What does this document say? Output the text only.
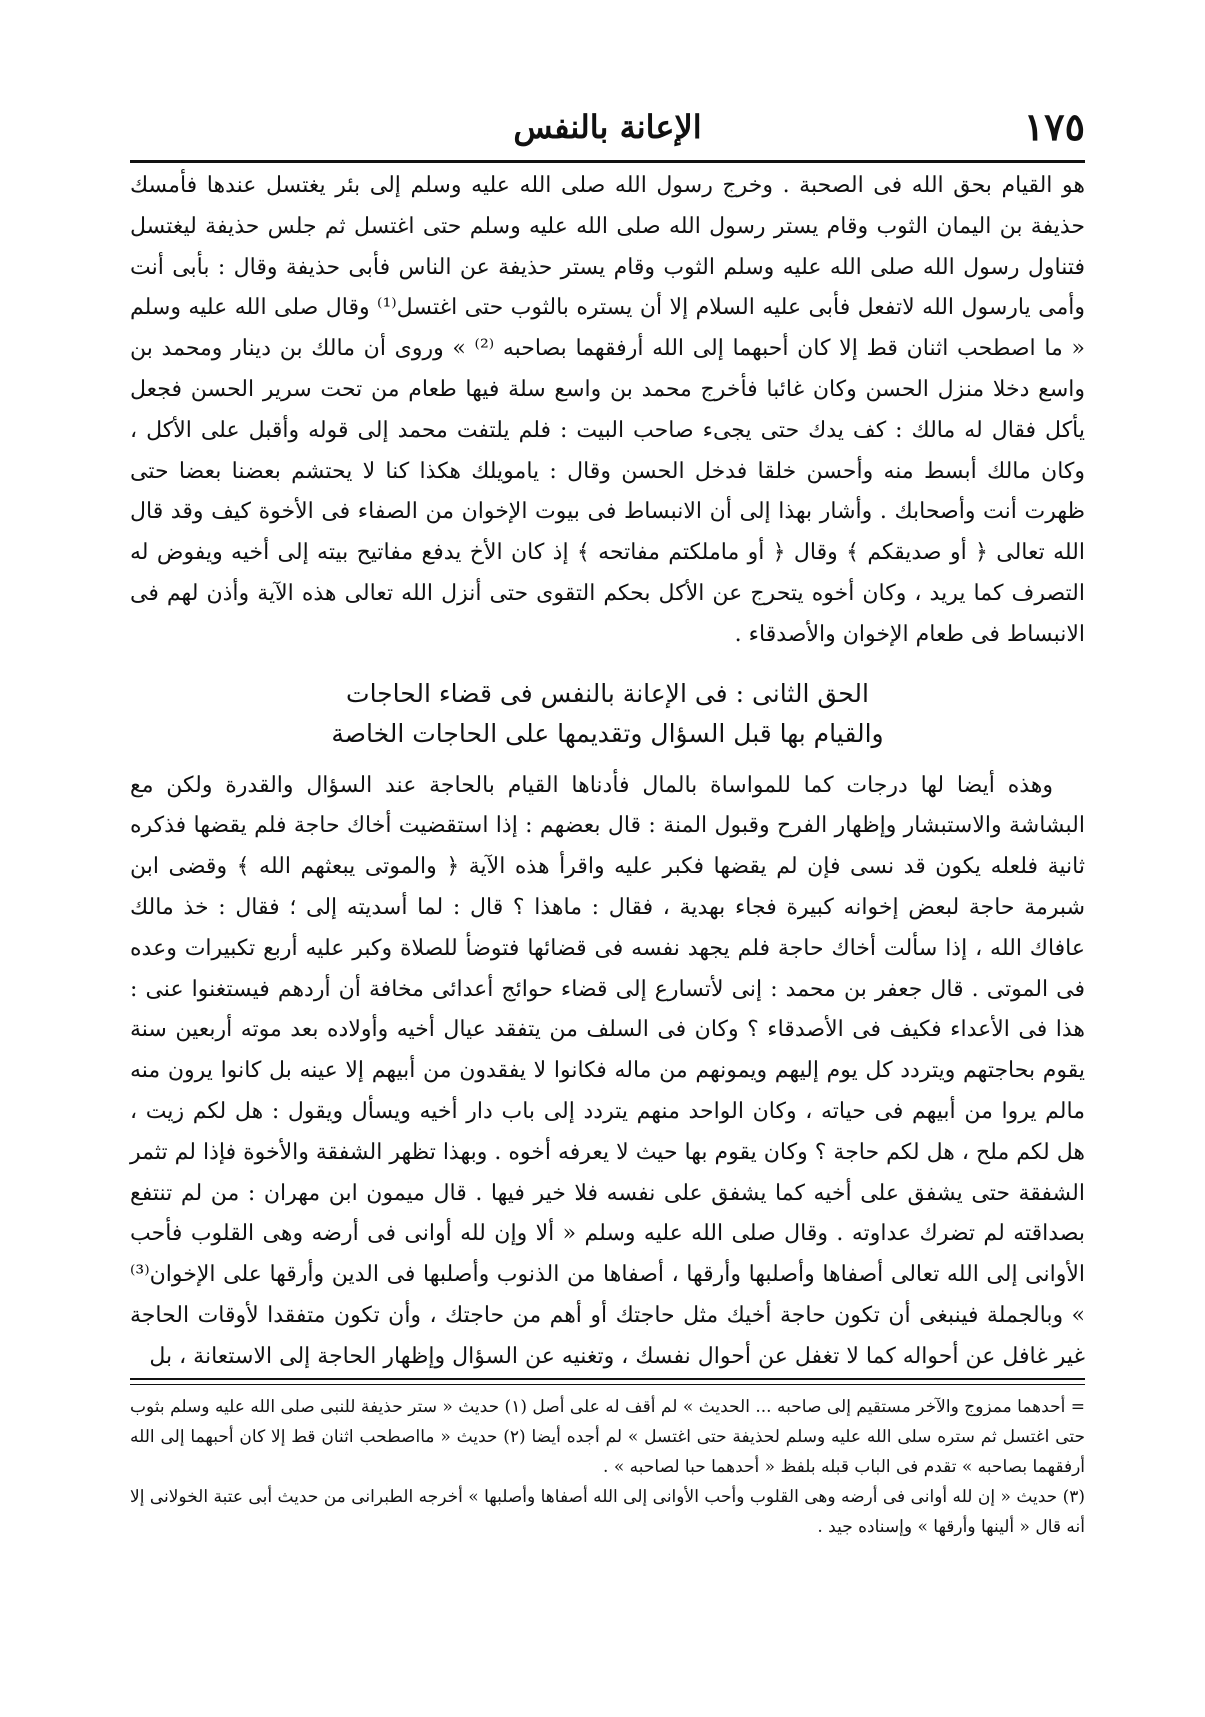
الإعانة بالنفس	١٧٥

هو القيام بحق الله فى الصحبة . وخرج رسول الله صلى الله عليه وسلم إلى بئر يغتسل عندها فأمسك حذيفة بن اليمان الثوب وقام يستر رسول الله صلى الله عليه وسلم حتى اغتسل ثم جلس حذيفة ليغتسل فتناول رسول الله صلى الله عليه وسلم الثوب وقام يستر حذيفة عن الناس فأبى حذيفة وقال : بأبى أنت وأمى يارسول الله لاتفعل فأبى عليه السلام إلا أن يستره بالثوب حتى اغتسل⁽¹⁾ وقال صلى الله عليه وسلم « ما اصطحب اثنان قط إلا كان أحبهما إلى الله أرفقهما بصاحبه ⁽²⁾ » وروى أن مالك بن دينار ومحمد بن واسع دخلا منزل الحسن وكان غائبا فأخرج محمد بن واسع سلة فيها طعام من تحت سرير الحسن فجعل يأكل فقال له مالك : كف يدك حتى يجىء صاحب البيت : فلم يلتفت محمد إلى قوله وأقبل على الأكل ، وكان مالك أبسط منه وأحسن خلقا فدخل الحسن وقال : يامويلك هكذا كنا لا يحتشم بعضنا بعضا حتى ظهرت أنت وأصحابك . وأشار بهذا إلى أن الانبساط فى بيوت الإخوان من الصفاء فى الأخوة كيف وقد قال الله تعالى ﴿ أو صديقكم ﴾ وقال ﴿ أو ماملكتم مفاتحه ﴾ إذ كان الأخ يدفع مفاتيح بيته إلى أخيه ويفوض له التصرف كما يريد ، وكان أخوه يتحرج عن الأكل بحكم التقوى حتى أنزل الله تعالى هذه الآية وأذن لهم فى الانبساط فى طعام الإخوان والأصدقاء .

الحق الثانى : فى الإعانة بالنفس فى قضاء الحاجات
والقيام بها قبل السؤال وتقديمها على الحاجات الخاصة

وهذه أيضا لها درجات كما للمواساة بالمال فأدناها القيام بالحاجة عند السؤال والقدرة ولكن مع البشاشة والاستبشار وإظهار الفرح وقبول المنة : قال بعضهم : إذا استقضيت أخاك حاجة فلم يقضها فذكره ثانية فلعله يكون قد نسى فإن لم يقضها فكبر عليه واقرأ هذه الآية ﴿ والموتى يبعثهم الله ﴾ وقضى ابن شبرمة حاجة لبعض إخوانه كبيرة فجاء بهدية ، فقال : ماهذا ؟ قال : لما أسديته إلى ؛ فقال : خذ مالك عافاك الله ، إذا سألت أخاك حاجة فلم يجهد نفسه فى قضائها فتوضأ للصلاة وكبر عليه أربع تكبيرات وعده فى الموتى . قال جعفر بن محمد : إنى لأتسارع إلى قضاء حوائج أعدائى مخافة أن أردهم فيستغنوا عنى : هذا فى الأعداء فكيف فى الأصدقاء ؟ وكان فى السلف من يتفقد عيال أخيه وأولاده بعد موته أربعين سنة يقوم بحاجتهم ويتردد كل يوم إليهم ويمونهم من ماله فكانوا لا يفقدون من أبيهم إلا عينه بل كانوا يرون منه مالم يروا من أبيهم فى حياته ، وكان الواحد منهم يتردد إلى باب دار أخيه ويسأل ويقول : هل لكم زيت ، هل لكم ملح ، هل لكم حاجة ؟ وكان يقوم بها حيث لا يعرفه أخوه . وبهذا تظهر الشفقة والأخوة فإذا لم تثمر الشفقة حتى يشفق على أخيه كما يشفق على نفسه فلا خير فيها . قال ميمون ابن مهران : من لم تنتفع بصداقته لم تضرك عداوته . وقال صلى الله عليه وسلم « ألا وإن لله أوانى فى أرضه وهى القلوب فأحب الأوانى إلى الله تعالى أصفاها وأصلبها وأرقها ، أصفاها من الذنوب وأصلبها فى الدين وأرقها على الإخوان⁽³⁾ » وبالجملة فينبغى أن تكون حاجة أخيك مثل حاجتك أو أهم من حاجتك ، وأن تكون متفقدا لأوقات الحاجة غير غافل عن أحواله كما لا تغفل عن أحوال نفسك ، وتغنيه عن السؤال وإظهار الحاجة إلى الاستعانة ، بل

= أحدهما ممزوج والآخر مستقيم إلى صاحبه ... الحديث » لم أقف له على أصل (١) حديث « ستر حذيفة للنبى صلى الله عليه وسلم بثوب حتى اغتسل ثم ستره سلى الله عليه وسلم لحذيفة حتى اغتسل » لم أجده أيضا (٢) حديث « مااصطحب اثنان قط إلا كان أحبهما إلى الله أرفقهما بصاحبه » تقدم فى الباب قبله بلفظ « أحدهما حبا لصاحبه » .

(٣) حديث « إن لله أوانى فى أرضه وهى القلوب وأحب الأوانى إلى الله أصفاها وأصلبها » أخرجه الطبرانى من حديث أبى عتبة الخولانى إلا أنه قال « ألينها وأرقها » وإسناده جيد .
